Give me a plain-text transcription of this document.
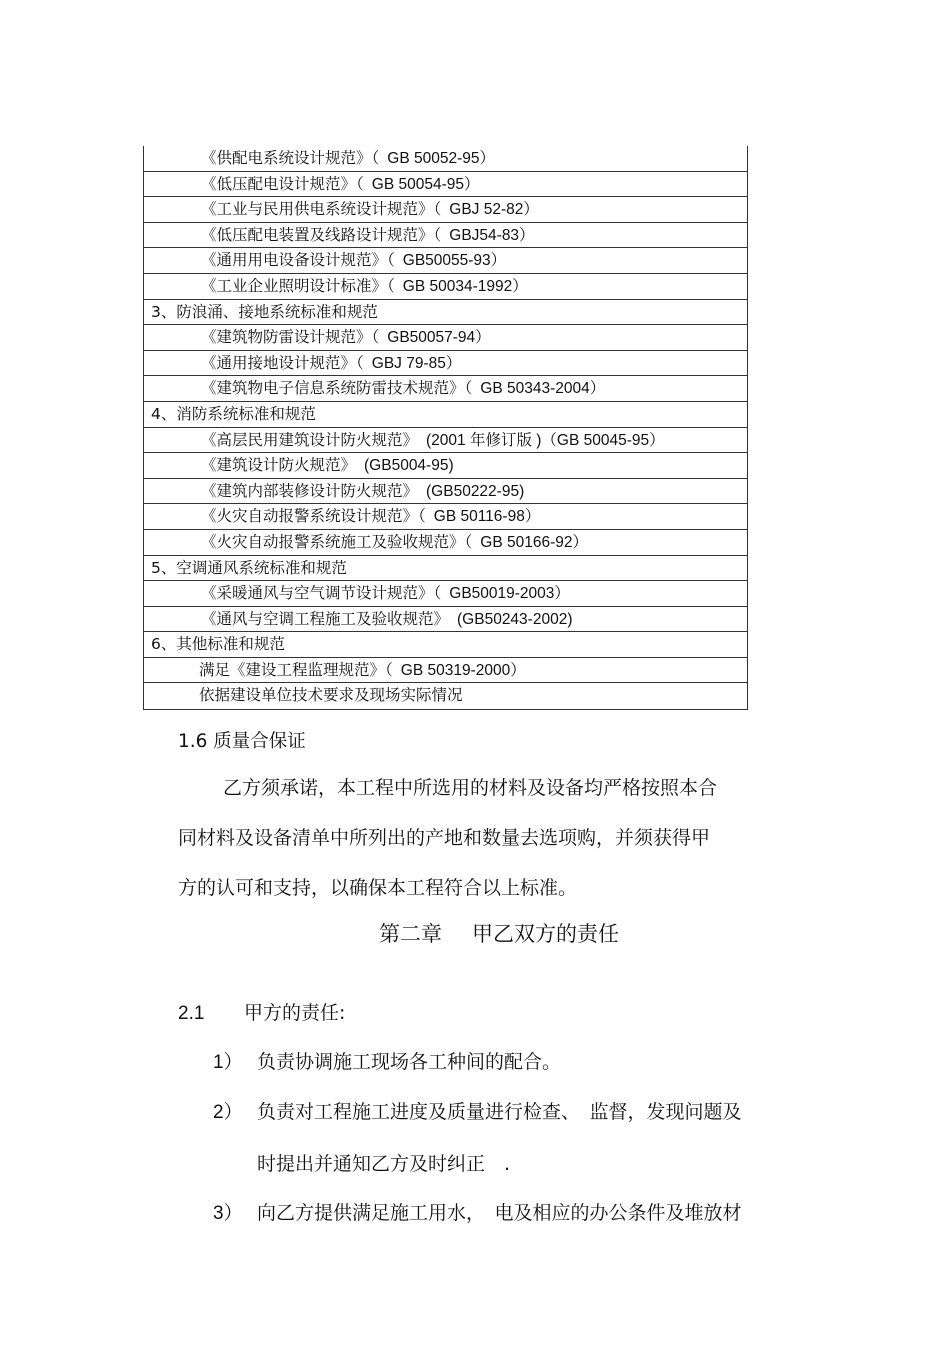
《供配电系统设计规范》（ GB 50052-95）
《低压配电设计规范》（ GB 50054-95）
《工业与民用供电系统设计规范》（ GBJ 52-82）
《低压配电装置及线路设计规范》（ GBJ54-83）
《通用用电设备设计规范》（ GB50055-93）
《工业企业照明设计标准》（ GB 50034-1992）
3、防浪涌、接地系统标准和规范
《建筑物防雷设计规范》（ GB50057-94）
《通用接地设计规范》（ GBJ 79-85）
《建筑物电子信息系统防雷技术规范》（ GB 50343-2004）
4、消防系统标准和规范
《高层民用建筑设计防火规范》 (2001 年修订版 )（GB 50045-95）
《建筑设计防火规范》 (GB5004-95)
《建筑内部装修设计防火规范》 (GB50222-95)
《火灾自动报警系统设计规范》（ GB 50116-98）
《火灾自动报警系统施工及验收规范》（ GB 50166-92）
5、空调通风系统标准和规范
《采暖通风与空气调节设计规范》（ GB50019-2003）
《通风与空调工程施工及验收规范》 (GB50243-2002)
6、其他标准和规范
满足《建设工程监理规范》（ GB 50319-2000）
依据建设单位技术要求及现场实际情况
1.6 质量合保证
乙方须承诺，本工程中所选用的材料及设备均严格按照本合
同材料及设备清单中所列出的产地和数量去选项购，并须获得甲
方的认可和支持，以确保本工程符合以上标准。
第二章 甲乙双方的责任
2.1 甲方的责任:
1） 负责协调施工现场各工种间的配合。
2） 负责对工程施工进度及质量进行检查、　监督，发现问题及
时提出并通知乙方及时纠正　.
3） 向乙方提供满足施工用水，　电及相应的办公条件及堆放材
